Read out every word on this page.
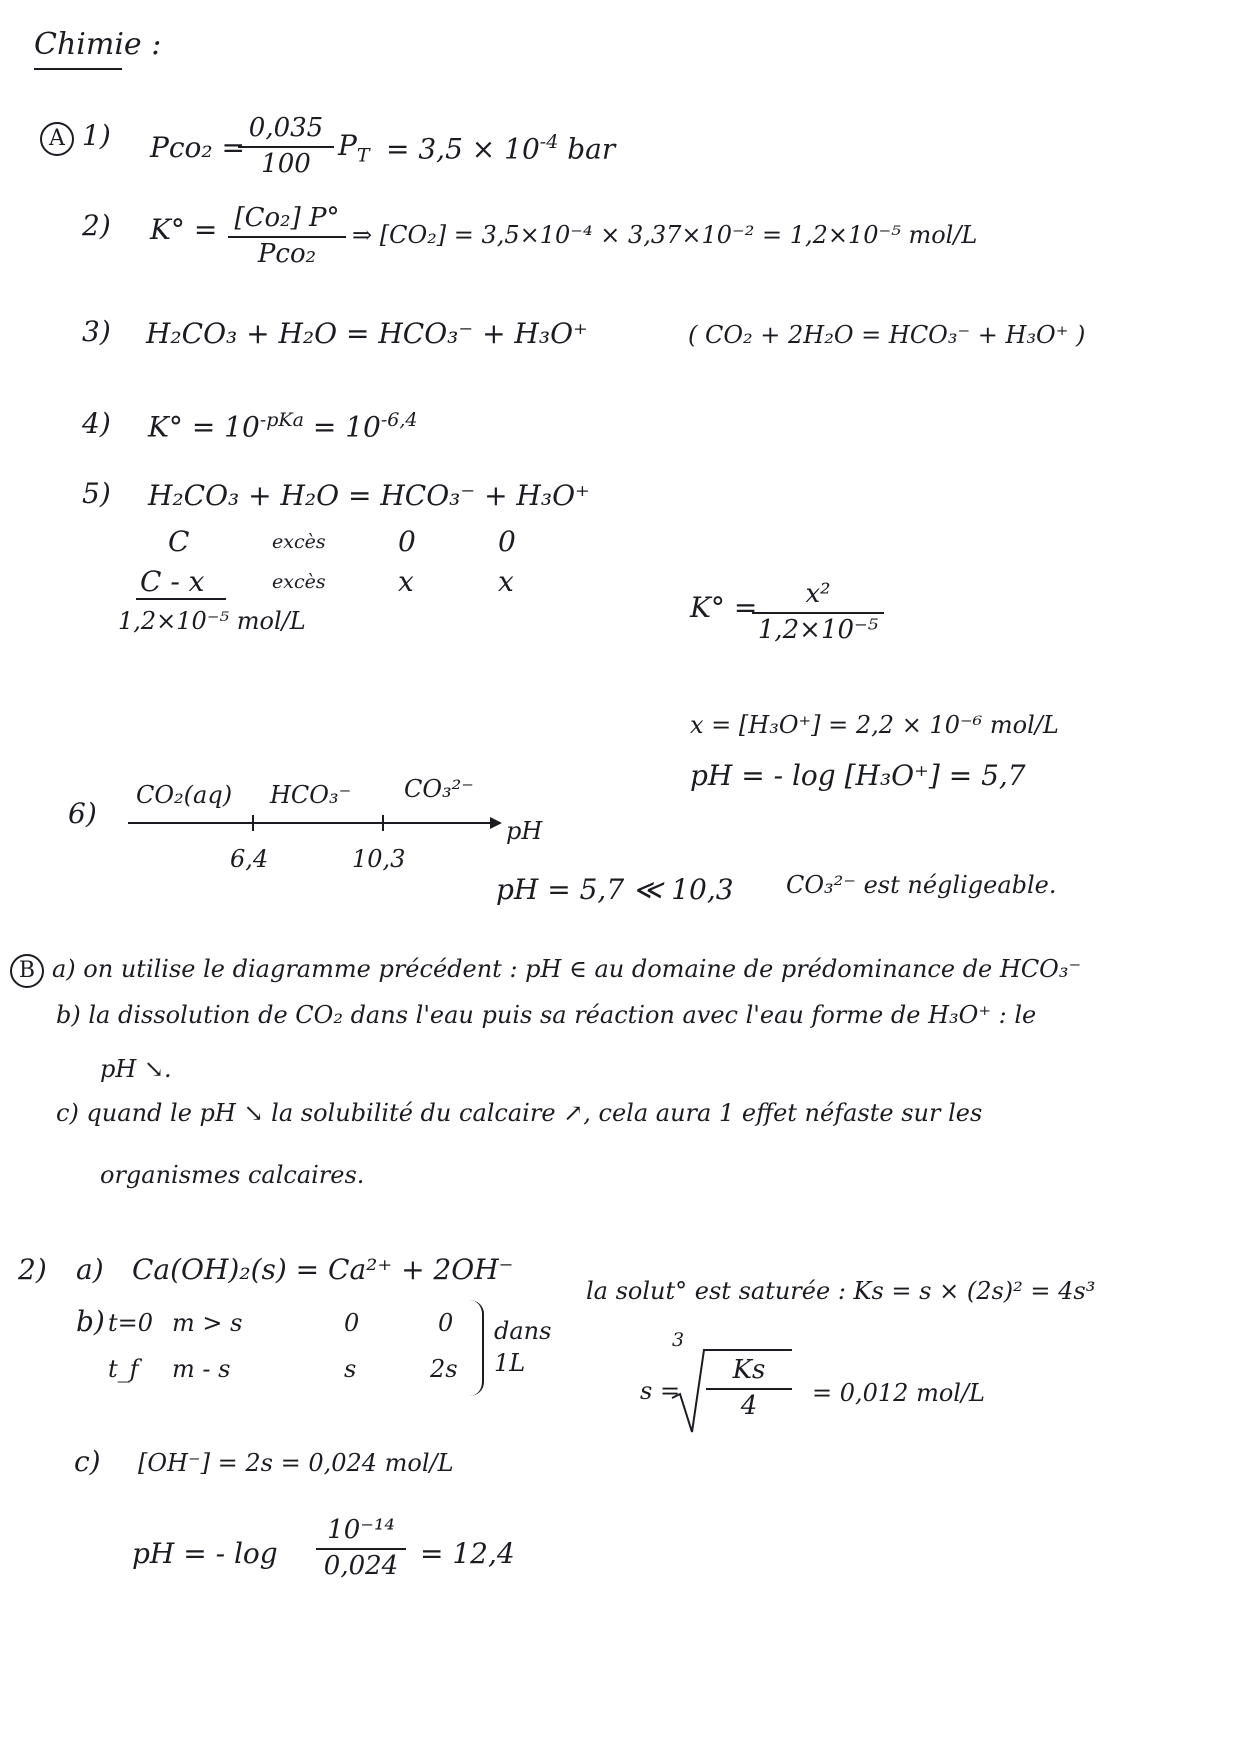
Chimie :
A 1) Pco₂ =
0,035
100
$P_T = 3,5 \times 10^{-4}$ bar
2) K° = [Co₂] P°
Pco₂
⇒ [CO₂] = 3,5×10⁻⁴ × 3,37×10⁻² = 1,2×10⁻⁵ mol/L
3) H₂CO₃ + H₂O = HCO₃⁻ + H₃O⁺	( CO₂ + 2H₂O = HCO₃⁻ + H₃O⁺ )
4) $K^\circ = 10^{-pKa} = 10^{-6,4}$
5) H₂CO₃ + H₂O = HCO₃⁻ + H₃O⁺
C	excès	0	0
C - x	excès	x	x
1,2×10⁻⁵ mol/L	K° =	x²
1,2×10⁻⁵
x = [H₃O⁺] = 2,2 × 10⁻⁶ mol/L
pH = - log [H₃O⁺] = 5,7
6)
CO₂(aq) HCO₃⁻ CO₃²⁻
6,4	10,3
pH
pH = 5,7 ≪ 10,3 CO₃²⁻ est négligeable.
B a) on utilise le diagramme précédent : pH ∈ au domaine de prédominance de HCO₃⁻
b) la dissolution de CO₂ dans l'eau puis sa réaction avec l'eau forme de H₃O⁺ : le
pH ↘.
c) quand le pH ↘ la solubilité du calcaire ↗, cela aura 1 effet néfaste sur les
organismes calcaires.
2) a) Ca(OH)₂(s) = Ca²⁺ + 2OH⁻
b) t=0 m > s	0	0
t_f m - s	s	2s
dans
1L
la solut° est saturée : Ks = s × (2s)² = 4s³
3
s =
Ks
4	= 0,012 mol/L
c) [OH⁻] = 2s = 0,024 mol/L
pH = - log
10⁻¹⁴
0,024 = 12,4
